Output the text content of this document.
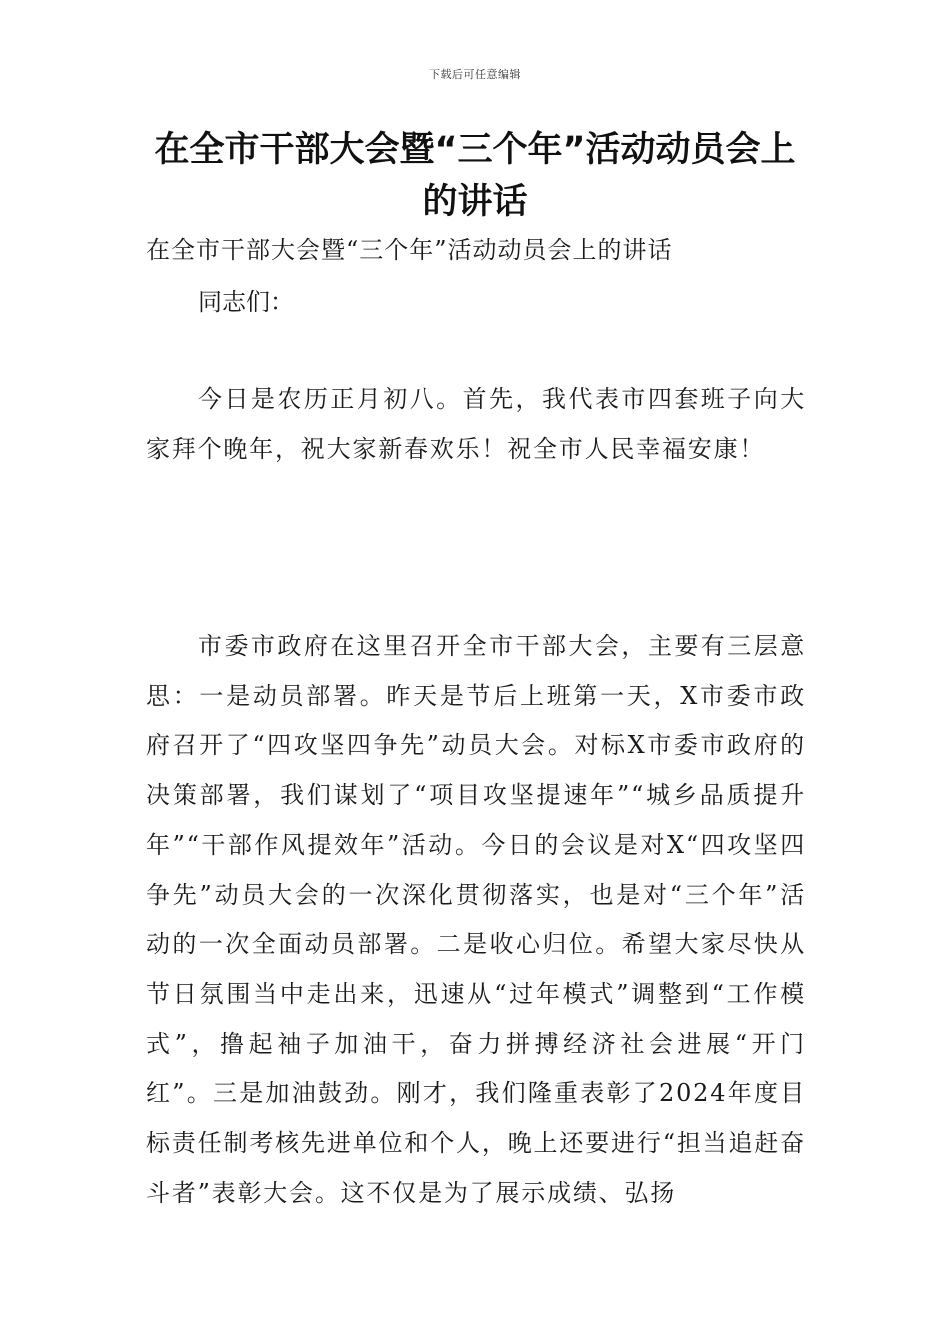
下载后可任意编辑
在全市干部大会暨“三个年”活动动员会上的讲话
在全市干部大会暨“三个年”活动动员会上的讲话
同志们：

今日是农历正月初八。首先，我代表市四套班子向大家拜个晚年，祝大家新春欢乐！祝全市人民幸福安康！

市委市政府在这里召开全市干部大会，主要有三层意思：一是动员部署。昨天是节后上班第一天，X市委市政府召开了“四攻坚四争先”动员大会。对标X市委市政府的决策部署，我们谋划了“项目攻坚提速年”“城乡品质提升年”“干部作风提效年”活动。今日的会议是对X“四攻坚四争先”动员大会的一次深化贯彻落实，也是对“三个年”活动的一次全面动员部署。二是收心归位。希望大家尽快从节日氛围当中走出来，迅速从“过年模式”调整到“工作模式”，撸起袖子加油干，奋力拼搏经济社会进展“开门红”。三是加油鼓劲。刚才，我们隆重表彰了2024年度目标责任制考核先进单位和个人，晚上还要进行“担当追赶奋斗者”表彰大会。这不仅是为了展示成绩、弘扬
